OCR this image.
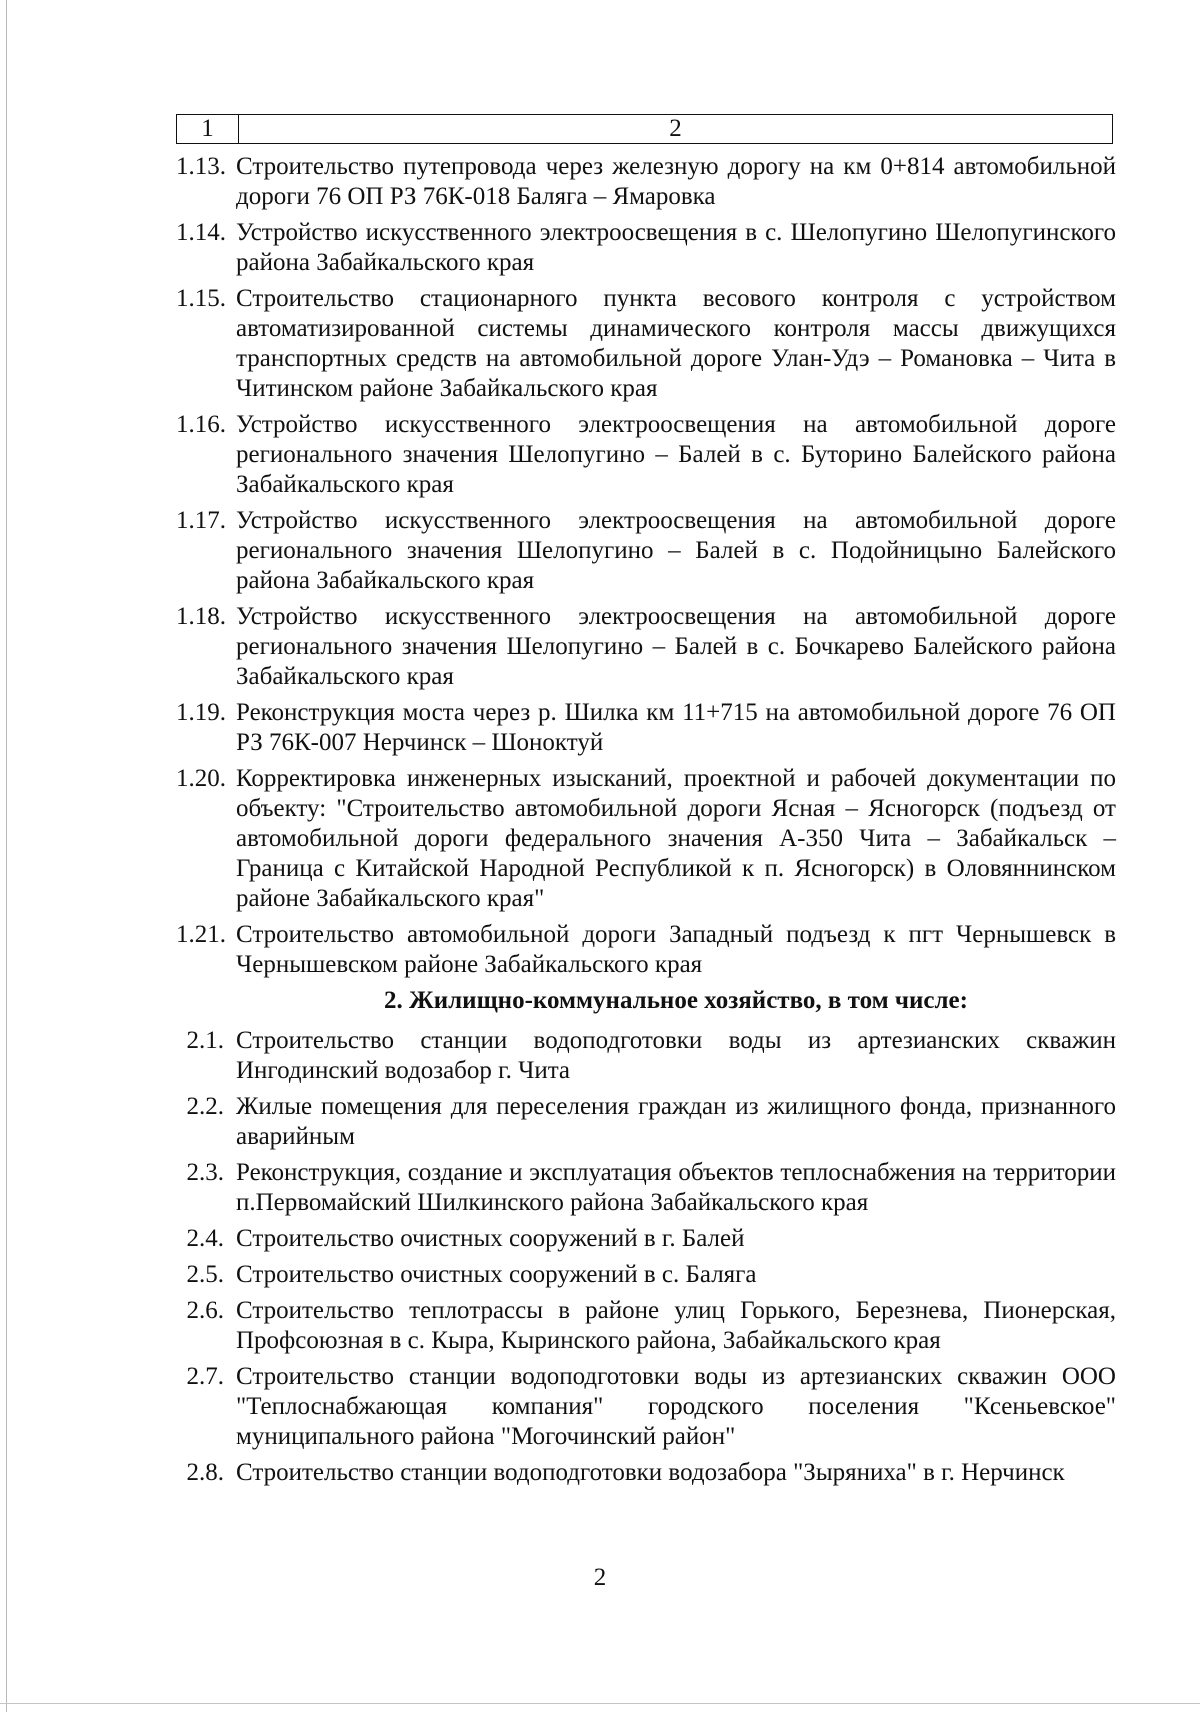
1	2
1.13. Строительство путепровода через железную дорогу на км 0+814 автомобильной дороги 76 ОП РЗ 76К-018 Баляга – Ямаровка
1.14. Устройство искусственного электроосвещения в с. Шелопугино Шелопугинского района Забайкальского края
1.15. Строительство стационарного пункта весового контроля с устройством автоматизированной системы динамического контроля массы движущихся транспортных средств на автомобильной дороге Улан-Удэ – Романовка – Чита в Читинском районе Забайкальского края
1.16. Устройство искусственного электроосвещения на автомобильной дороге регионального значения Шелопугино – Балей в с. Буторино Балейского района Забайкальского края
1.17. Устройство искусственного электроосвещения на автомобильной дороге регионального значения Шелопугино – Балей в с. Подойницыно Балейского района Забайкальского края
1.18. Устройство искусственного электроосвещения на автомобильной дороге регионального значения Шелопугино – Балей в с. Бочкарево Балейского района Забайкальского края
1.19. Реконструкция моста через р. Шилка км 11+715 на автомобильной дороге 76 ОП РЗ 76К-007 Нерчинск – Шоноктуй
1.20. Корректировка инженерных изысканий, проектной и рабочей документации по объекту: "Строительство автомобильной дороги Ясная – Ясногорск (подъезд от автомобильной дороги федерального значения А-350 Чита – Забайкальск – Граница с Китайской Народной Республикой к п. Ясногорск) в Оловяннинском районе Забайкальского края"
1.21. Строительство автомобильной дороги Западный подъезд к пгт Чернышевск в Чернышевском районе Забайкальского края
2. Жилищно-коммунальное хозяйство, в том числе:
2.1. Строительство станции водоподготовки воды из артезианских скважин Ингодинский водозабор г. Чита
2.2. Жилые помещения для переселения граждан из жилищного фонда, признанного аварийным
2.3. Реконструкция, создание и эксплуатация объектов теплоснабжения на территории п.Первомайский Шилкинского района Забайкальского края
2.4. Строительство очистных сооружений в г. Балей
2.5. Строительство очистных сооружений в с. Баляга
2.6. Строительство теплотрассы в районе улиц Горького, Березнева, Пионерская, Профсоюзная в с. Кыра, Кыринского района, Забайкальского края
2.7. Строительство станции водоподготовки воды из артезианских скважин ООО "Теплоснабжающая компания" городского поселения "Ксеньевское" муниципального района "Могочинский район"
2.8. Строительство станции водоподготовки водозабора "Зыряниха" в г. Нерчинск
2
